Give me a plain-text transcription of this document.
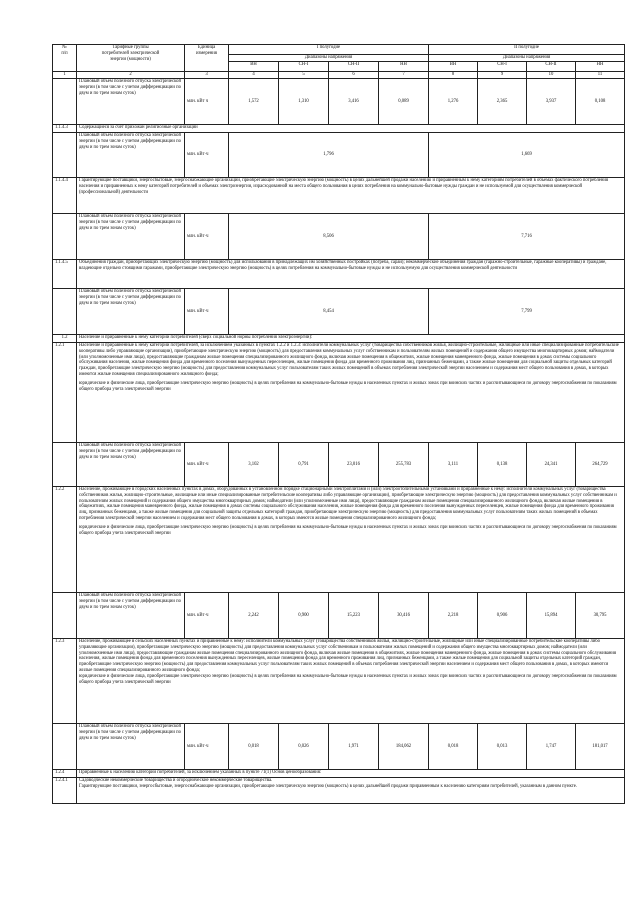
№
п/п	Тарифные группы
потребителей электрической
энергии (мощности)	Единица
измерения	I полугодие				II полугодие			
			Диапазоны напряжения				Диапазоны напряжения			
			ВН	СН-I	СН-II	НН	ВН	СН-I	СН-II	НН
1	2	3	4	5	6	7	8	9	10	11
	Плановый объем полезного отпуска электрической энергии (в том числе с учетом дифференциации по двум и по трем зонам суток)	млн. кВт ч	1,572	1,310	3,416	0,089	1,276	2,365	3,937	0,108
1.1.4.3	Содержащиеся за счет прихожан религиозные организации									
	Плановый объем полезного отпуска электрической энергии (в том числе с учетом дифференциации по двум и по трем зонам суток)	млн. кВт·ч	1,796				1,669			
1.1.4.4	Гарантирующие поставщики, энергосбытовые, энергоснабжающие организации, приобретающие электрическую энергию (мощность) в целях дальнейшей продажи населению и приравненным к нему категориям потребителей в объемах фактического потребления населения и приравненных к нему категорий потребителей и объемах электроэнергии, израсходованной на места общего пользования в целях потребления на коммунально-бытовые нужды граждан и не используемой для осуществления коммерческой (профессиональной) деятельности									
	Плановый объем полезного отпуска электрической энергии (в том числе с учетом дифференциации по двум и по трем зонам суток)	млн. кВт·ч	8,506				7,716			
1.1.4.5	Объединения граждан, приобретающих электрическую энергию (мощность) для использования в принадлежащих им хозяйственных постройках (погреба, сараи); некоммерческие объединения граждан (гаражно-строительные, гаражные кооперативы) и граждане, владеющие отдельно стоящими гаражами, приобретающие электрическую энергию (мощность) в целях потребления на коммунально-бытовые нужды и не используемую для осуществления коммерческой деятельности									
	Плановый объем полезного отпуска электрической энергии (в том числе с учетом дифференциации по двум и по трем зонам суток)	млн. кВт·ч	8,454				7,799			
1.2	Население и приравненные к нему категории потребителей (сверх социальной нормы потребления электроэнергии):									
1.2.1	Население и приравненные к нему категории потребителей, за исключением указанных в пунктах 1.2.2 и 1.2.3: исполнители коммунальных услуг (товарищества собственников жилья, жилищно-строительные, жилищные или иные специализированные потребительские кооперативы либо управляющие организации), приобретающие электрическую энергию (мощность) для предоставления коммунальных услуг собственникам и пользователям жилых помещений и содержания общего имущества многоквартирных домов; наймодатели (или уполномоченные ими лица), предоставляющие гражданам жилые помещения специализированного жилищного фонда, включая жилые помещения в общежитиях, жилые помещения маневренного фонда, жилые помещения в домах системы социального обслуживания населения, жилые помещения фонда для временного поселения вынужденных переселенцев, жилые помещения фонда для временного проживания лиц, признанных беженцами, а также жилые помещения для социальной защиты отдельных категорий граждан, приобретающие электрическую энергию (мощность) для предоставления коммунальных услуг пользователям таких жилых помещений в объемах потребления электрической энергии населением и содержания мест общего пользования в домах, в которых имеются жилые помещения специализированного жилищного фонда;
юридические и физические лица, приобретающие электрическую энергию (мощность) в целях потребления на коммунально-бытовые нужды в населенных пунктах и жилых зонах при воинских частях и рассчитывающиеся по договору энергоснабжения по показаниям общего прибора учета электрической энергии									

	Плановый объем полезного отпуска электрической энергии (в том числе с учетом дифференциации по двум и по трем зонам суток)	млн. кВт·ч	3,102	0,791	23,016	255,783	3,111	0,138	24,341	264,729
1.2.2	Население, проживающее в городских населенных пунктах в домах, оборудованных в установленном порядке стационарными электроплитами и (или) электроотопительными установками и приравненные к нему: исполнители коммунальных услуг (товарищества собственников жилья, жилищно-строительные, жилищные или иные специализированные потребительские кооперативы либо управляющие организации), приобретающие электрическую энергию (мощность) для предоставления коммунальных услуг собственникам и пользователям жилых помещений и содержания общего имущества многоквартирных домов; наймодатели (или уполномоченные ими лица), предоставляющие гражданам жилые помещения специализированного жилищного фонда, включая жилые помещения в общежитиях, жилые помещения маневренного фонда, жилые помещения в домах системы социального обслуживания населения, жилые помещения фонда для временного поселения вынужденных переселенцев, жилые помещения фонда для временного проживания лиц, признанных беженцами, а также жилые помещения для социальной защиты отдельных категорий граждан, приобретающие электрическую энергию (мощность) для предоставления коммунальных услуг пользователям таких жилых помещений в объемах потребления электрической энергии населением и содержания мест общего пользования в домах, в которых имеются жилые помещения специализированного жилищного фонда;
юридические и физические лица, приобретающие электрическую энергию (мощность) в целях потребления на коммунально-бытовые нужды в населенных пунктах и жилых зонах при воинских частях и рассчитывающиеся по договору энергоснабжения по показаниям общего прибора учета электрической энергии									

	Плановый объем полезного отпуска электрической энергии (в том числе с учетом дифференциации по двум и по трем зонам суток)	млн. кВт·ч	2,242	0,900	15,223	30,416	2,218	0,906	15,894	30,795
1.2.3	Население, проживающее в сельских населенных пунктах и приравненные к нему: исполнители коммунальных услуг (товарищества собственников жилья, жилищно-строительные, жилищные или иные специализированные потребительские кооперативы либо управляющие организации), приобретающие электрическую энергию (мощность) для предоставления коммунальных услуг собственникам и пользователям жилых помещений и содержания общего имущества многоквартирных домов; наймодатели (или уполномоченные ими лица), предоставляющие гражданам жилые помещения специализированного жилищного фонда, включая жилые помещения в общежитиях, жилые помещения маневренного фонда, жилые помещения в домах системы социального обслуживания населения, жилые помещения фонда для временного поселения вынужденных переселенцев, жилые помещения фонда для временного проживания лиц, признанных беженцами, а также жилые помещения для социальной защиты отдельных категорий граждан, приобретающие электрическую энергию (мощность) для предоставления коммунальных услуг пользователям таких жилых помещений в объемах потребления электрической энергии населением и содержания мест общего пользования в домах, в которых имеются жилые помещения специализированного жилищного фонда;
юридические и физические лица, приобретающие электрическую энергию (мощность) в целях потребления на коммунально-бытовые нужды в населенных пунктах и жилых зонах при воинских частях и рассчитывающиеся по договору энергоснабжения по показаниям общего прибора учета электрической энергии									

	Плановый объем полезного отпуска электрической энергии (в том числе с учетом дифференциации по двум и по трем зонам суток)	млн. кВт·ч	0,018	0,026	1,971	184,062	0,018	0,013	1,747	181,017
1.2.4	Приравненные к населению категории потребителей, за исключением указанных в пункте 71(1) Основ ценообразования:									
1.2.4.1	Садоводческие некоммерческие товарищества и огороднические некоммерческие товарищества.
Гарантирующие поставщики, энергосбытовые, энергоснабжающие организации, приобретающие электрическую энергию (мощность) в целях дальнейшей продажи приравненным к населению категориям потребителей, указанным в данном пункте.									
